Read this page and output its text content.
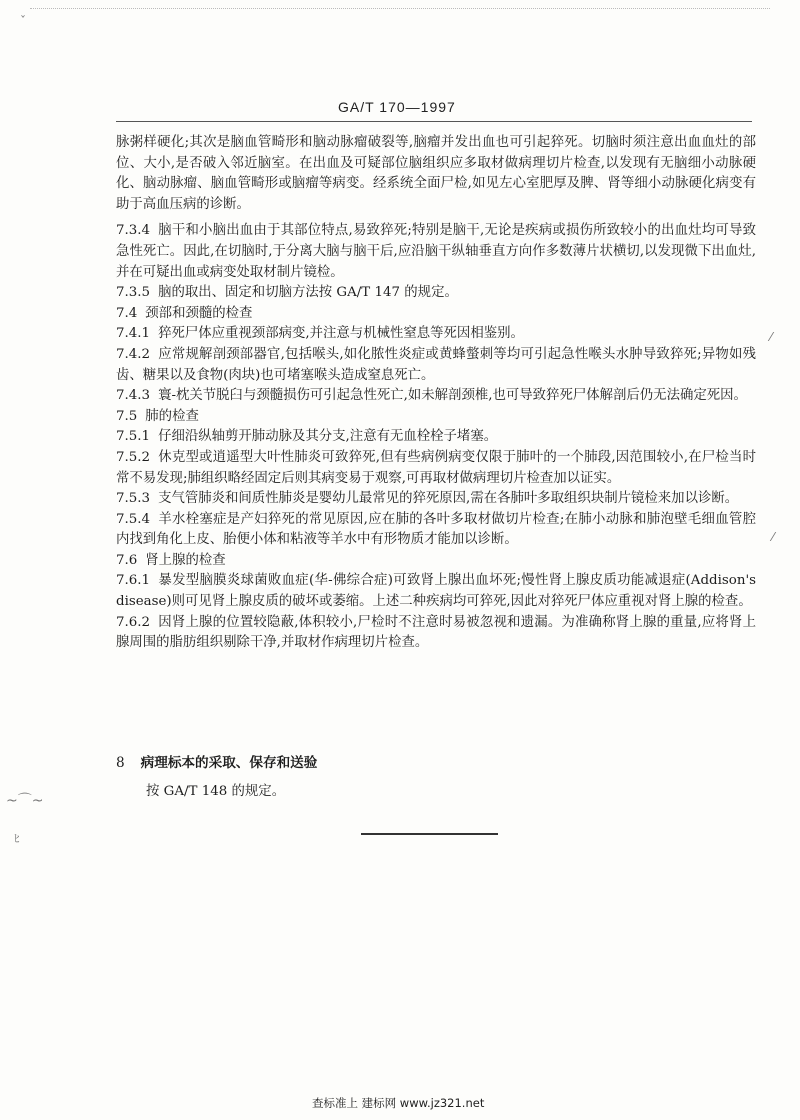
ˇ
⁄
⁄
~⌒~
ﾋ
GA/T 170—1997

脉粥样硬化;其次是脑血管畸形和脑动脉瘤破裂等,脑瘤并发出血也可引起猝死。切脑时须注意出血血灶的部位、大小,是否破入邻近脑室。在出血及可疑部位脑组织应多取材做病理切片检查,以发现有无脑细小动脉硬化、脑动脉瘤、脑血管畸形或脑瘤等病变。经系统全面尸检,如见左心室肥厚及脾、肾等细小动脉硬化病变有助于高血压病的诊断。

7.3.4 脑干和小脑出血由于其部位特点,易致猝死;特别是脑干,无论是疾病或损伤所致较小的出血灶均可导致急性死亡。因此,在切脑时,于分离大脑与脑干后,应沿脑干纵轴垂直方向作多数薄片状横切,以发现微下出血灶,并在可疑出血或病变处取材制片镜检。

7.3.5 脑的取出、固定和切脑方法按 GA/T 147 的规定。

7.4 颈部和颈髓的检查

7.4.1 猝死尸体应重视颈部病变,并注意与机械性窒息等死因相鉴别。

7.4.2 应常规解剖颈部器官,包括喉头,如化脓性炎症或黄蜂螫刺等均可引起急性喉头水肿导致猝死;异物如残齿、糖果以及食物(肉块)也可堵塞喉头造成窒息死亡。

7.4.3 寰-枕关节脱臼与颈髓损伤可引起急性死亡,如未解剖颈椎,也可导致猝死尸体解剖后仍无法确定死因。

7.5 肺的检查

7.5.1 仔细沿纵轴剪开肺动脉及其分支,注意有无血栓栓子堵塞。

7.5.2 休克型或逍遥型大叶性肺炎可致猝死,但有些病例病变仅限于肺叶的一个肺段,因范围较小,在尸检当时常不易发现;肺组织略经固定后则其病变易于观察,可再取材做病理切片检查加以证实。

7.5.3 支气管肺炎和间质性肺炎是婴幼儿最常见的猝死原因,需在各肺叶多取组织块制片镜检来加以诊断。

7.5.4 羊水栓塞症是产妇猝死的常见原因,应在肺的各叶多取材做切片检查;在肺小动脉和肺泡壁毛细血管腔内找到角化上皮、胎便小体和粘液等羊水中有形物质才能加以诊断。

7.6 肾上腺的检查

7.6.1 暴发型脑膜炎球菌败血症(华-佛综合症)可致肾上腺出血坏死;慢性肾上腺皮质功能减退症(Addison's disease)则可见肾上腺皮质的破坏或萎缩。上述二种疾病均可猝死,因此对猝死尸体应重视对肾上腺的检查。

7.6.2 因肾上腺的位置较隐蔽,体积较小,尸检时不注意时易被忽视和遗漏。为准确称肾上腺的重量,应将肾上腺周围的脂肪组织剔除干净,并取材作病理切片检查。

8 病理标本的采取、保存和送验
按 GA/T 148 的规定。
查标准上 建标网 www.jz321.net
